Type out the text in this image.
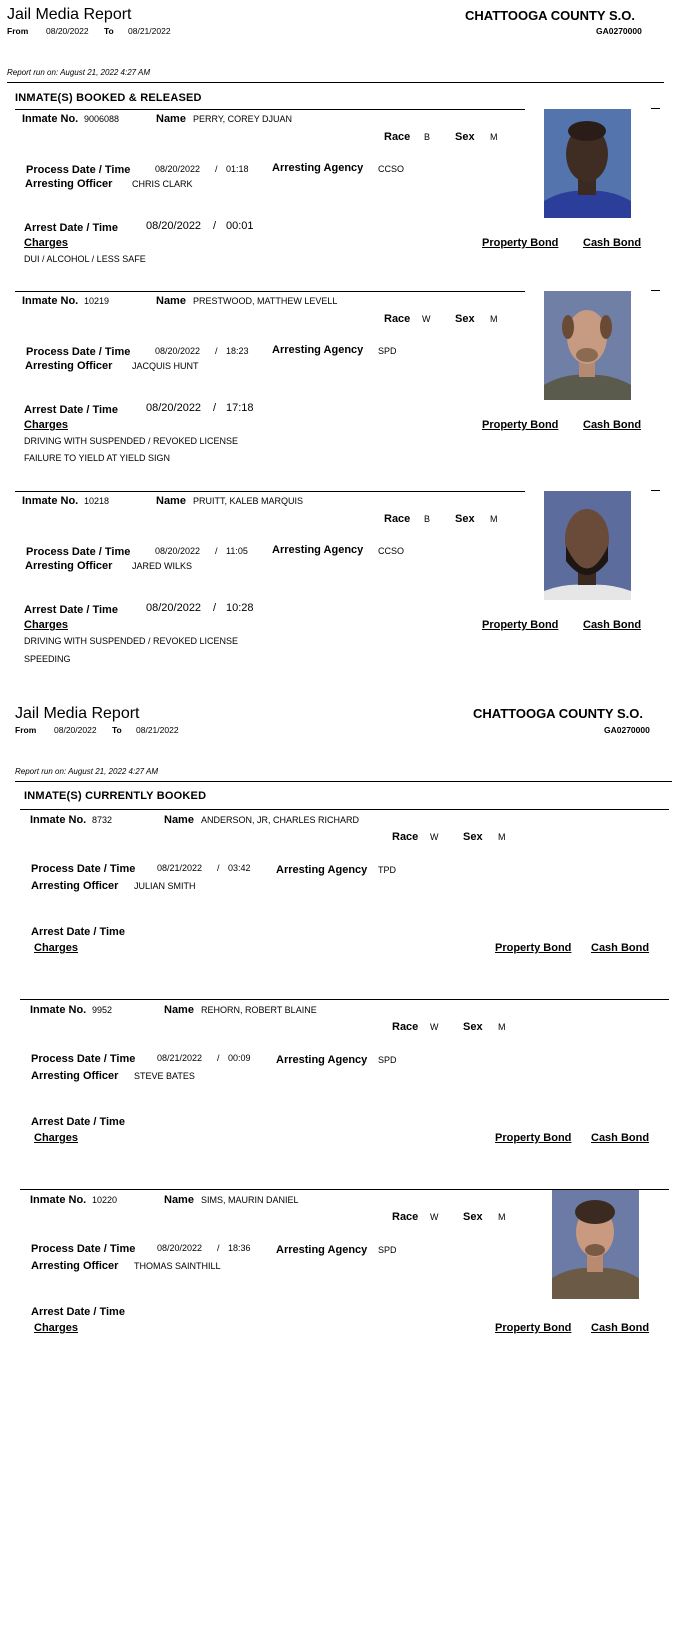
Jail Media Report	CHATTOOGA COUNTY S.O.
From 08/20/2022 To 08/21/2022	GA0270000
Report run on: August 21, 2022 4:27 AM
INMATE(S) BOOKED & RELEASED
Inmate No. 9006088	Name PERRY, COREY DJUAN
Race B Sex M
Process Date / Time	08/20/2022 / 01:18 Arresting Agency CCSO
Arresting Officer CHRIS CLARK
Arrest Date / Time	08/20/2022 / 00:01
Charges	Property Bond Cash Bond
DUI / ALCOHOL / LESS SAFE
Inmate No. 10219	Name PRESTWOOD, MATTHEW LEVELL
Race W Sex M
Process Date / Time	08/20/2022 / 18:23 Arresting Agency SPD
Arresting Officer JACQUIS HUNT
Arrest Date / Time	08/20/2022 / 17:18
Charges	Property Bond Cash Bond
DRIVING WITH SUSPENDED / REVOKED LICENSE
FAILURE TO YIELD AT YIELD SIGN
Inmate No. 10218	Name PRUITT, KALEB MARQUIS
Race B Sex M
Process Date / Time	08/20/2022 / 11:05 Arresting Agency CCSO
Arresting Officer JARED WILKS
Arrest Date / Time	08/20/2022 / 10:28
Charges	Property Bond Cash Bond
DRIVING WITH SUSPENDED / REVOKED LICENSE
SPEEDING
Jail Media Report	CHATTOOGA COUNTY S.O.
From 08/20/2022 To 08/21/2022	GA0270000
Report run on: August 21, 2022 4:27 AM
INMATE(S) CURRENTLY BOOKED
Inmate No. 8732	Name ANDERSON, JR, CHARLES RICHARD
Race W Sex M
Process Date / Time 08/21/2022 / 03:42 Arresting Agency TPD
Arresting Officer JULIAN SMITH
Arrest Date / Time
Charges	Property Bond Cash Bond
Inmate No. 9952	Name REHORN, ROBERT BLAINE
Race W Sex M
Process Date / Time 08/21/2022 / 00:09 Arresting Agency SPD
Arresting Officer STEVE BATES
Arrest Date / Time
Charges	Property Bond Cash Bond
Inmate No. 10220	Name SIMS, MAURIN DANIEL
Race W Sex M
Process Date / Time 08/20/2022 / 18:36 Arresting Agency SPD
Arresting Officer THOMAS SAINTHILL
Arrest Date / Time
Charges	Property Bond Cash Bond
